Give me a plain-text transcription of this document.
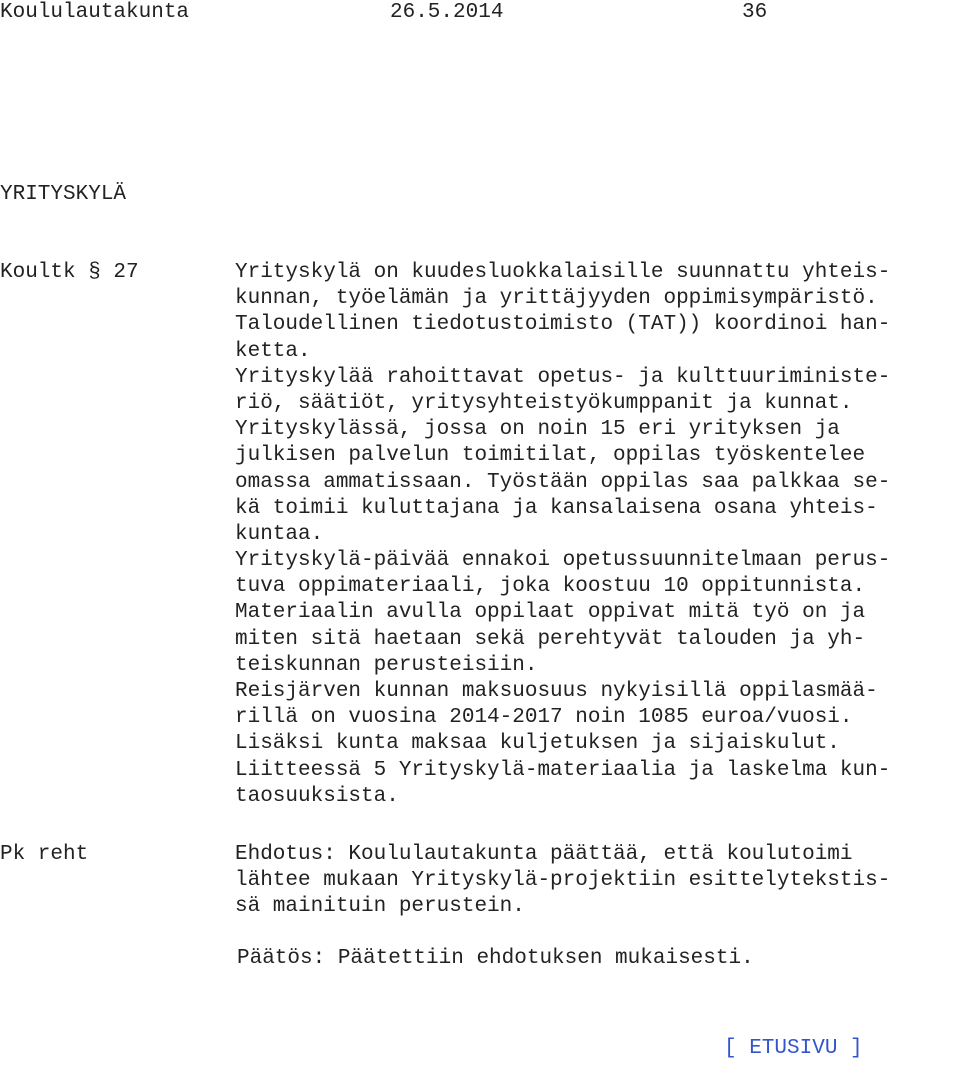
Koululautakunta	26.5.2014	36
YRITYSKYLÄ
Koultk § 27	Yrityskylä on kuudesluokkalaisille suunnattu yhteis-
kunnan, työelämän ja yrittäjyyden oppimisympäristö.
Taloudellinen tiedotustoimisto (TAT)) koordinoi han-
ketta.
Yrityskylää rahoittavat opetus- ja kulttuuriministe-
riö, säätiöt, yritysyhteistyökumppanit ja kunnat.
Yrityskylässä, jossa on noin 15 eri yrityksen ja
julkisen palvelun toimitilat, oppilas työskentelee
omassa ammatissaan. Työstään oppilas saa palkkaa se-
kä toimii kuluttajana ja kansalaisena osana yhteis-
kuntaa.
Yrityskylä-päivää ennakoi opetussuunnitelmaan perus-
tuva oppimateriaali, joka koostuu 10 oppitunnista.
Materiaalin avulla oppilaat oppivat mitä työ on ja
miten sitä haetaan sekä perehtyvät talouden ja yh-
teiskunnan perusteisiin.
Reisjärven kunnan maksuosuus nykyisillä oppilasmää-
rillä on vuosina 2014-2017 noin 1085 euroa/vuosi.
Lisäksi kunta maksaa kuljetuksen ja sijaiskulut.
Liitteessä 5 Yrityskylä-materiaalia ja laskelma kun-
taosuuksista.
Pk reht	Ehdotus: Koululautakunta päättää, että koulutoimi
lähtee mukaan Yrityskylä-projektiin esittelytekstis-
sä mainituin perustein.
Päätös: Päätettiin ehdotuksen mukaisesti.
[ ETUSIVU ]
